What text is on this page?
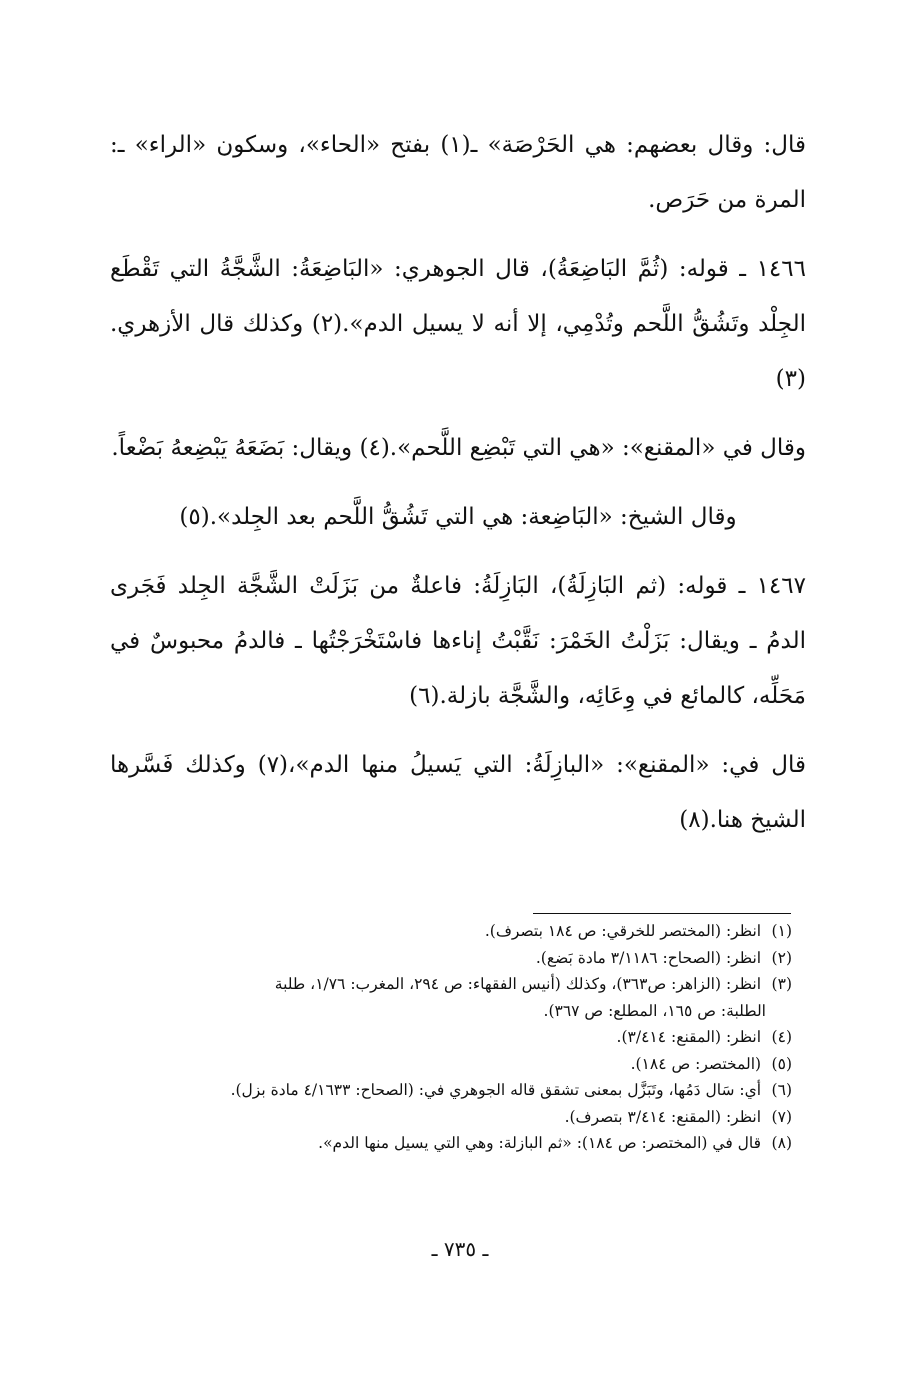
قال: وقال بعضهم: هي الحَرْصَة» ـ(١) بفتح «الحاء»، وسكون «الراء» ـ: المرة من حَرَص.

١٤٦٦ ـ قوله: (ثُمَّ البَاضِعَةُ)، قال الجوهري: «البَاضِعَةُ: الشَّجَّةُ التي تَقْطَع الجِلْد وتَشُقُّ اللَّحم وتُدْمِي، إلا أنه لا يسيل الدم».(٢) وكذلك قال الأزهري.(٣)

وقال في «المقنع»: «هي التي تَبْضِع اللَّحم».(٤) ويقال: بَضَعَهُ يَبْضِعهُ بَضْعاً.

وقال الشيخ: «البَاضِعة: هي التي تَشُقُّ اللَّحم بعد الجِلد».(٥)

١٤٦٧ ـ قوله: (ثم البَازِلَةُ)، البَازِلَةُ: فاعلةٌ من بَزَلَتْ الشَّجَّة الجِلد فَجَرى الدمُ ـ ويقال: بَزَلْتُ الخَمْرَ: نَقَّبْتُ إناءها فاسْتَخْرَجْتُها ـ فالدمُ محبوسٌ في مَحَلِّه، كالمائع في وِعَائِه، والشَّجَّة بازلة.(٦)

قال في: «المقنع»: «البازِلَةُ: التي يَسيلُ منها الدم»،(٧) وكذلك فَسَّرها الشيخ هنا.(٨)

(١) انظر: (المختصر للخرقي: ص ١٨٤ بتصرف).

(٢) انظر: (الصحاح: ٣/١١٨٦ مادة بَضع).

(٣) انظر: (الزاهر: ص٣٦٣)، وكذلك (أنيس الفقهاء: ص ٢٩٤، المغرب: ١/٧٦، طلبة

الطلبة: ص ١٦٥، المطلع: ص ٣٦٧).

(٤) انظر: (المقنع: ٣/٤١٤).

(٥) (المختصر: ص ١٨٤).

(٦) أي: سَال دَمُها، وتَبَزَّل بمعنى تشقق قاله الجوهري في: (الصحاح: ٤/١٦٣٣ مادة بزل).

(٧) انظر: (المقنع: ٣/٤١٤ بتصرف).

(٨) قال في (المختصر: ص ١٨٤): «ثم البازلة: وهي التي يسيل منها الدم».

ـ ٧٣٥ ـ
